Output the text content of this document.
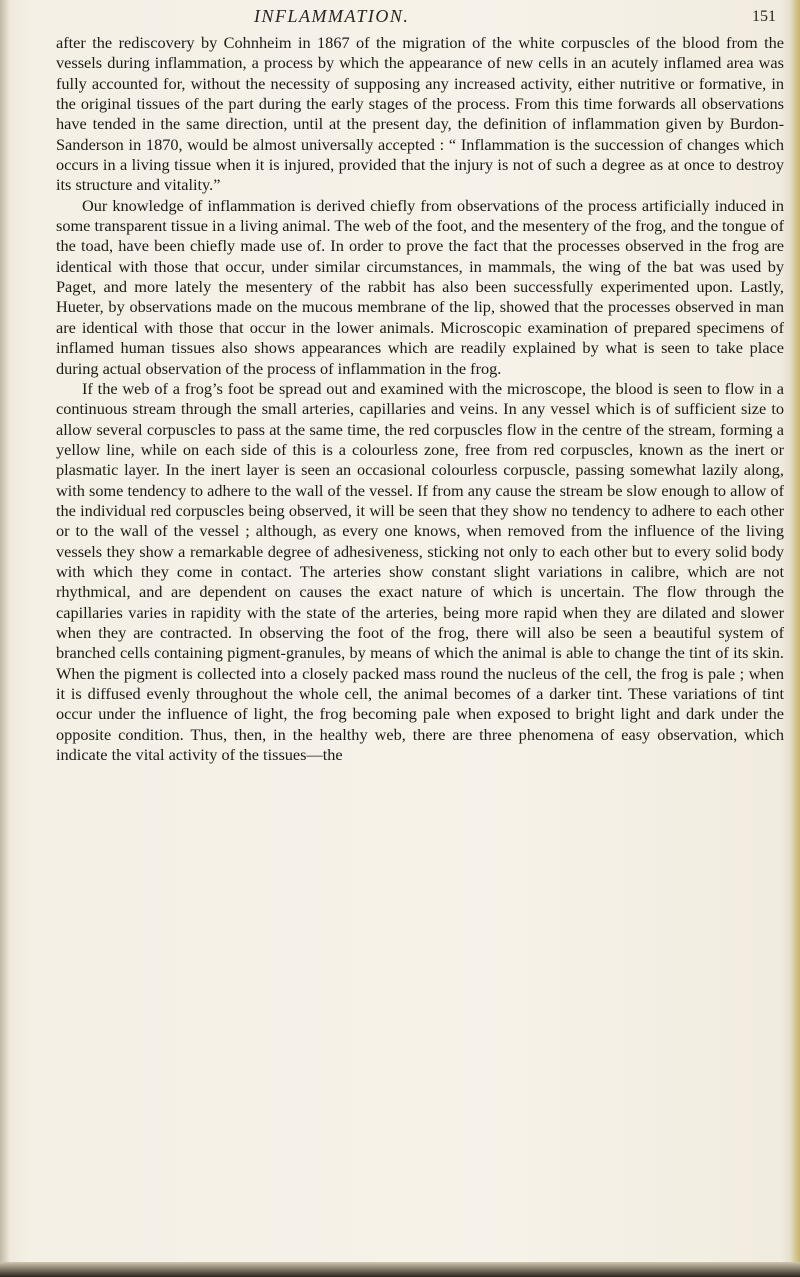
INFLAMMATION.	151

after the rediscovery by Cohnheim in 1867 of the migration of the white corpuscles of the blood from the vessels during inflammation, a process by which the appearance of new cells in an acutely inflamed area was fully accounted for, without the necessity of supposing any increased activity, either nutritive or formative, in the original tissues of the part during the early stages of the process. From this time forwards all observations have tended in the same direction, until at the present day, the definition of inflammation given by Burdon-Sanderson in 1870, would be almost universally accepted : “ Inflammation is the succession of changes which occurs in a living tissue when it is injured, provided that the injury is not of such a degree as at once to destroy its structure and vitality.”

Our knowledge of inflammation is derived chiefly from observations of the process artificially induced in some transparent tissue in a living animal. The web of the foot, and the mesentery of the frog, and the tongue of the toad, have been chiefly made use of. In order to prove the fact that the processes observed in the frog are identical with those that occur, under similar circumstances, in mammals, the wing of the bat was used by Paget, and more lately the mesentery of the rabbit has also been successfully experimented upon. Lastly, Hueter, by observations made on the mucous membrane of the lip, showed that the processes observed in man are identical with those that occur in the lower animals. Microscopic examination of prepared specimens of inflamed human tissues also shows appearances which are readily explained by what is seen to take place during actual observation of the process of inflammation in the frog.

If the web of a frog’s foot be spread out and examined with the microscope, the blood is seen to flow in a continuous stream through the small arteries, capillaries and veins. In any vessel which is of sufficient size to allow several corpuscles to pass at the same time, the red corpuscles flow in the centre of the stream, forming a yellow line, while on each side of this is a colourless zone, free from red corpuscles, known as the inert or plasmatic layer. In the inert layer is seen an occasional colourless corpuscle, passing somewhat lazily along, with some tendency to adhere to the wall of the vessel. If from any cause the stream be slow enough to allow of the individual red corpuscles being observed, it will be seen that they show no tendency to adhere to each other or to the wall of the vessel ; although, as every one knows, when removed from the influence of the living vessels they show a remarkable degree of adhesiveness, sticking not only to each other but to every solid body with which they come in contact. The arteries show constant slight variations in calibre, which are not rhythmical, and are dependent on causes the exact nature of which is uncertain. The flow through the capillaries varies in rapidity with the state of the arteries, being more rapid when they are dilated and slower when they are contracted. In observing the foot of the frog, there will also be seen a beautiful system of branched cells containing pigment-granules, by means of which the animal is able to change the tint of its skin. When the pigment is collected into a closely packed mass round the nucleus of the cell, the frog is pale ; when it is diffused evenly throughout the whole cell, the animal becomes of a darker tint. These variations of tint occur under the influence of light, the frog becoming pale when exposed to bright light and dark under the opposite condition. Thus, then, in the healthy web, there are three phenomena of easy observation, which indicate the vital activity of the tissues—the
